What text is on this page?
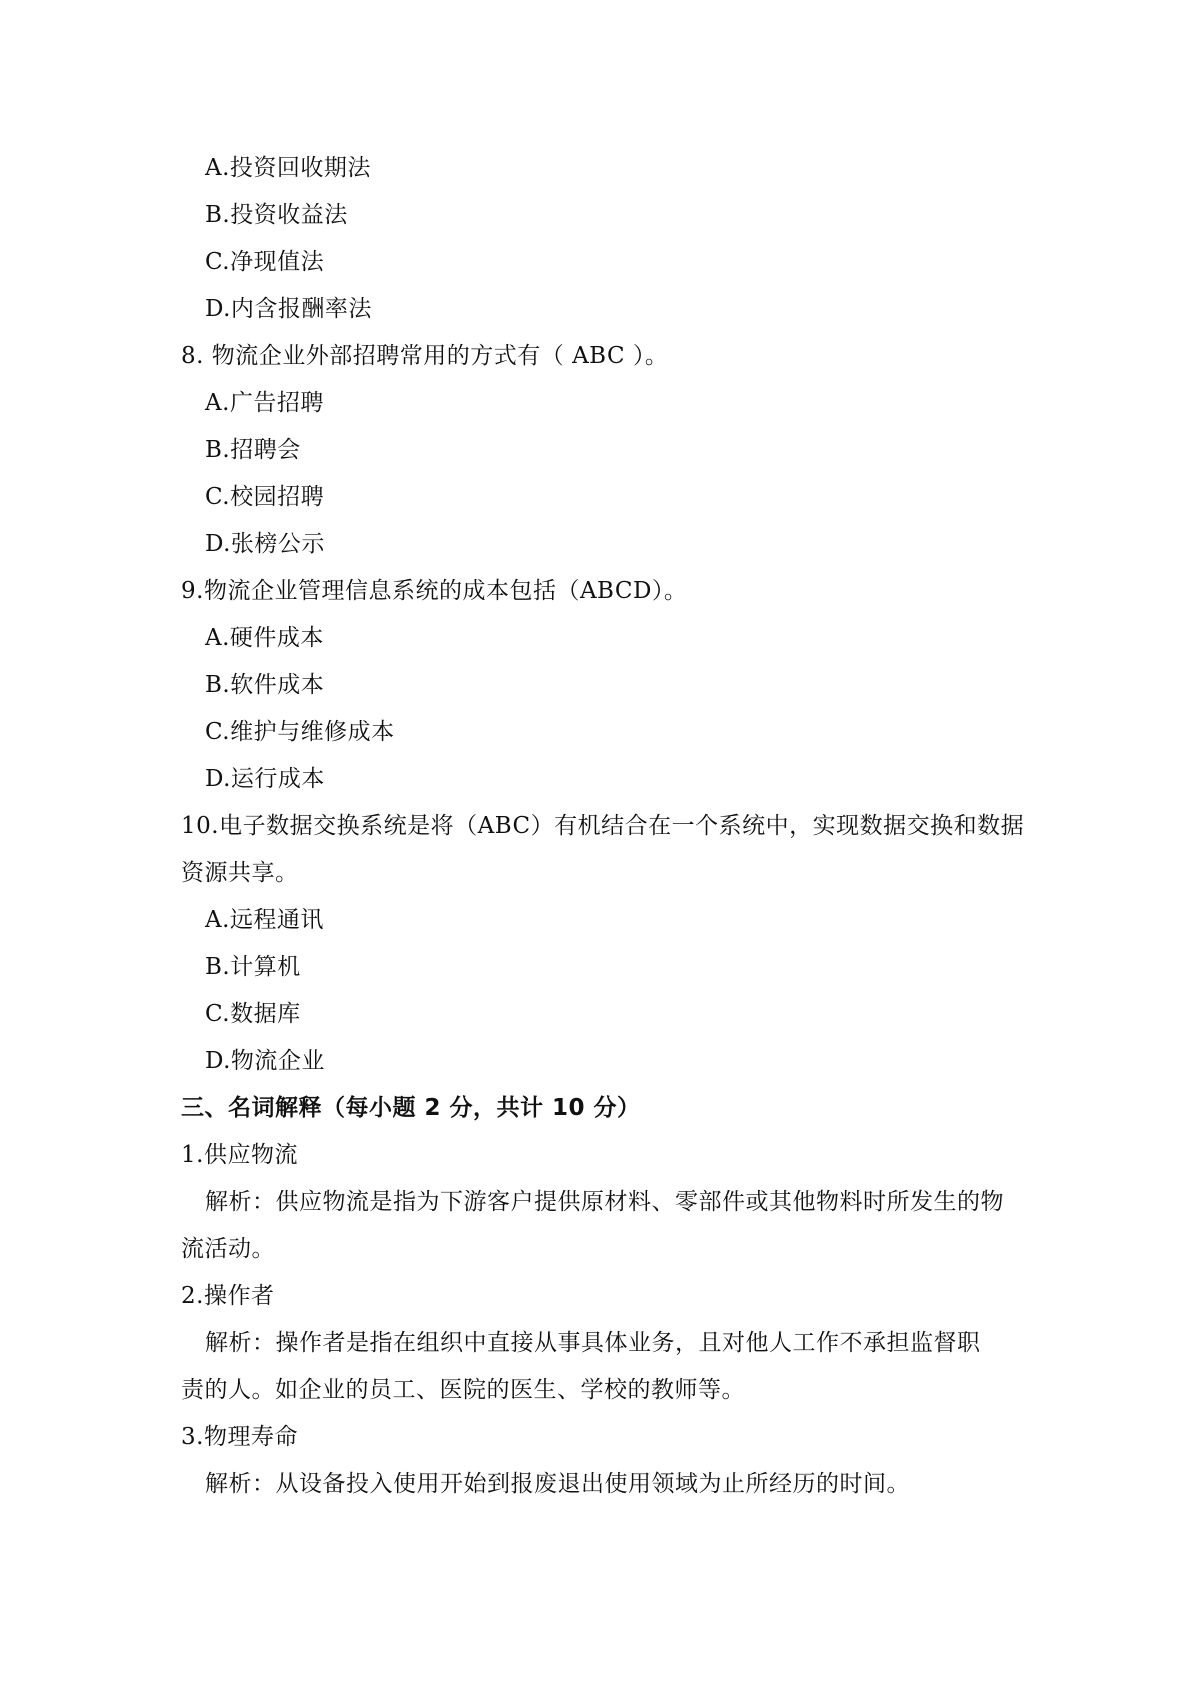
A.投资回收期法
B.投资收益法
C.净现值法
D.内含报酬率法
8. 物流企业外部招聘常用的方式有（ ABC ）。
A.广告招聘
B.招聘会
C.校园招聘
D.张榜公示
9.物流企业管理信息系统的成本包括（ABCD）。
A.硬件成本
B.软件成本
C.维护与维修成本
D.运行成本
10.电子数据交换系统是将（ABC）有机结合在一个系统中，实现数据交换和数据
资源共享。
A.远程通讯
B.计算机
C.数据库
D.物流企业
三、名词解释（每小题 2 分，共计 10 分）
1.供应物流
解析：供应物流是指为下游客户提供原材料、零部件或其他物料时所发生的物
流活动。
2.操作者
解析：操作者是指在组织中直接从事具体业务，且对他人工作不承担监督职
责的人。如企业的员工、医院的医生、学校的教师等。
3.物理寿命
解析：从设备投入使用开始到报废退出使用领域为止所经历的时间。
